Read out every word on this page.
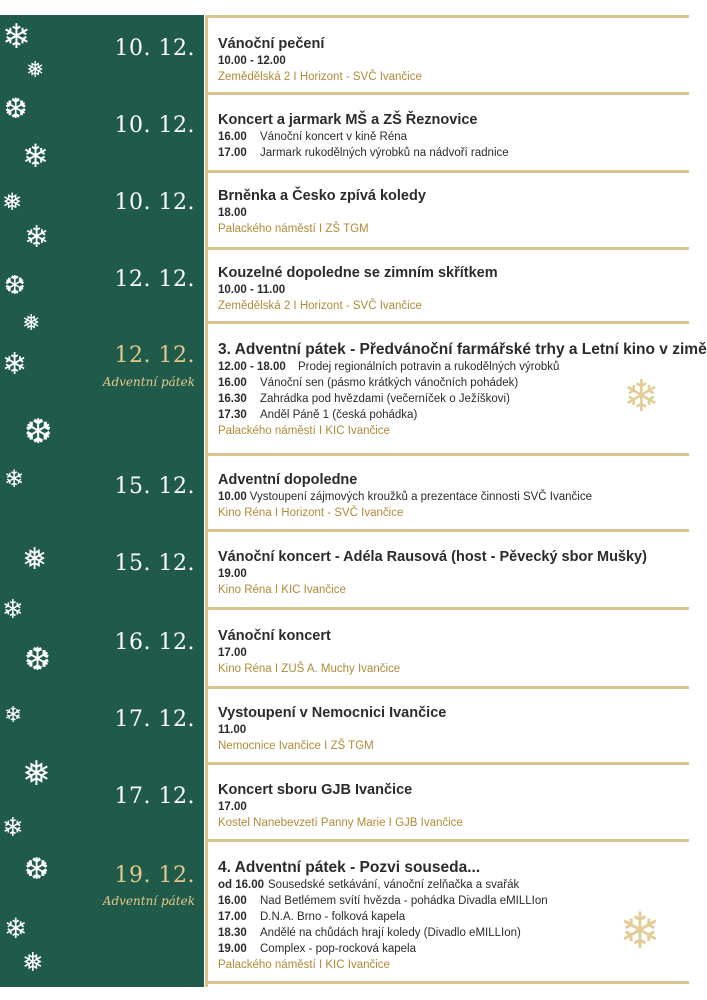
❄
❅
❆
❄
❅
❄
❆
❅
❄
❆
❄
❅
❄
❆
❄
❅
❄
❆
❄
❅
10. 12. Vánoční pečení
10.00 - 12.00
Zemědělská 2 I Horizont - SVČ Ivančice
10. 12. Koncert a jarmark MŠ a ZŠ Řeznovice
16.00 Vánoční koncert v kině Réna
17.00 Jarmark rukodělných výrobků na nádvoří radnice
10. 12. Brněnka a Česko zpívá koledy
18.00
Palackého náměstí I ZŠ TGM
12. 12. Kouzelné dopoledne se zimním skřítkem
10.00 - 11.00
Zemědělská 2 I Horizont - SVČ Ivančice
12. 12.
Adventní pátek
3. Adventní pátek - Předvánoční farmářské trhy a Letní kino v zimě
12.00 - 18.00 Prodej regionálních potravin a rukodělných výrobků
16.00 Vánoční sen (pásmo krátkých vánočních pohádek)
16.30 Zahrádka pod hvězdami (večerníček o Ježíškovi)
17.30 Anděl Páně 1 (česká pohádka)
Palackého náměstí I KIC Ivančice
❄
15. 12. Adventní dopoledne
10.00 Vystoupení zájmových kroužků a prezentace činnosti SVČ Ivančice
Kino Réna I Horizont - SVČ Ivančice
15. 12. Vánoční koncert - Adéla Rausová (host - Pěvecký sbor Mušky)
19.00
Kino Réna I KIC Ivančice
16. 12. Vánoční koncert
17.00
Kino Réna I ZUŠ A. Muchy Ivančice
17. 12. Vystoupení v Nemocnici Ivančice
11.00
Nemocnice Ivančice I ZŠ TGM
17. 12. Koncert sboru GJB Ivančice
17.00
Kostel Nanebevzetí Panny Marie I GJB Ivančice
19. 12.
Adventní pátek
4. Adventní pátek - Pozvi souseda...
od 16.00 Sousedské setkávání, vánoční zelňačka a svařák
16.00 Nad Betlémem svítí hvězda - pohádka Divadla eMILLIon
17.00 D.N.A. Brno - folková kapela
18.30 Andělé na chůdách hrají koledy (Divadlo eMILLIon)
19.00 Complex - pop-rocková kapela
Palackého náměstí I KIC Ivančice
❄
